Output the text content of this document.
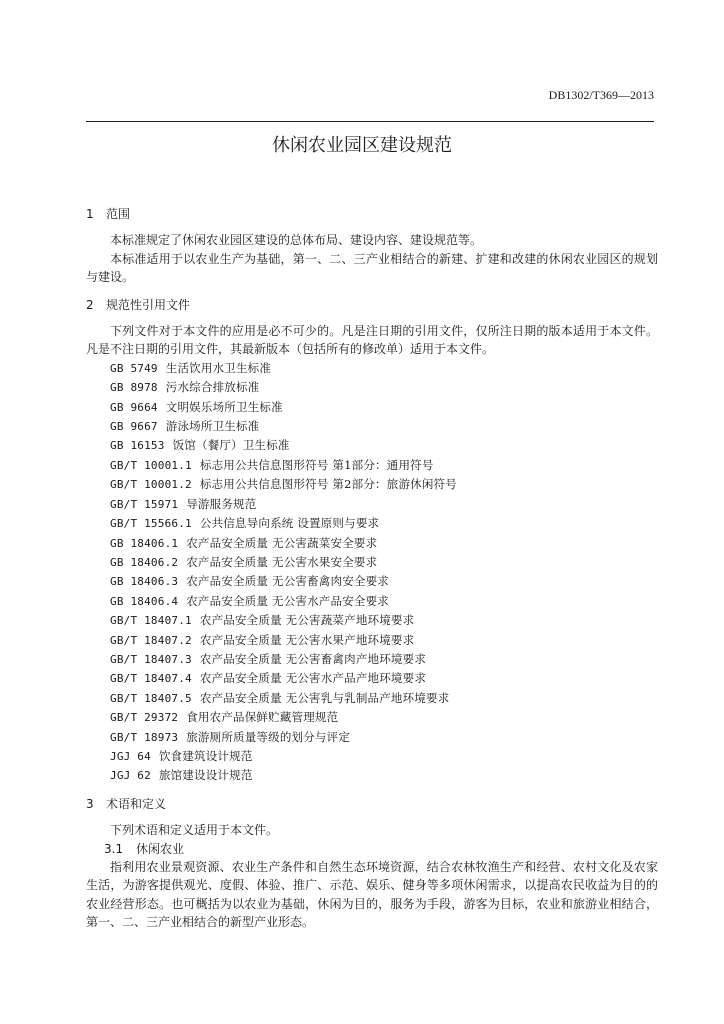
DB1302/T369—2013
休闲农业园区建设规范
1 范围

本标准规定了休闲农业园区建设的总体布局、建设内容、建设规范等。

本标准适用于以农业生产为基础，第一、二、三产业相结合的新建、扩建和改建的休闲农业园区的规划与建设。

2 规范性引用文件

下列文件对于本文件的应用是必不可少的。凡是注日期的引用文件，仅所注日期的版本适用于本文件。凡是不注日期的引用文件，其最新版本（包括所有的修改单）适用于本文件。

GB 5749 生活饮用水卫生标准
GB 8978 污水综合排放标准
GB 9664 文明娱乐场所卫生标准
GB 9667 游泳场所卫生标准
GB 16153 饭馆（餐厅）卫生标准
GB/T 10001.1 标志用公共信息图形符号 第1部分：通用符号
GB/T 10001.2 标志用公共信息图形符号 第2部分：旅游休闲符号
GB/T 15971 导游服务规范
GB/T 15566.1 公共信息导向系统 设置原则与要求
GB 18406.1 农产品安全质量 无公害蔬菜安全要求
GB 18406.2 农产品安全质量 无公害水果安全要求
GB 18406.3 农产品安全质量 无公害畜禽肉安全要求
GB 18406.4 农产品安全质量 无公害水产品安全要求
GB/T 18407.1 农产品安全质量 无公害蔬菜产地环境要求
GB/T 18407.2 农产品安全质量 无公害水果产地环境要求
GB/T 18407.3 农产品安全质量 无公害畜禽肉产地环境要求
GB/T 18407.4 农产品安全质量 无公害水产品产地环境要求
GB/T 18407.5 农产品安全质量 无公害乳与乳制品产地环境要求
GB/T 29372 食用农产品保鲜贮藏管理规范
GB/T 18973 旅游厕所质量等级的划分与评定
JGJ 64 饮食建筑设计规范
JGJ 62 旅馆建设设计规范
3 术语和定义

下列术语和定义适用于本文件。

3.1 休闲农业

指利用农业景观资源、农业生产条件和自然生态环境资源，结合农林牧渔生产和经营、农村文化及农家生活，为游客提供观光、度假、体验、推广、示范、娱乐、健身等多项休闲需求，以提高农民收益为目的的农业经营形态。也可概括为以农业为基础，休闲为目的，服务为手段，游客为目标，农业和旅游业相结合，第一、二、三产业相结合的新型产业形态。
